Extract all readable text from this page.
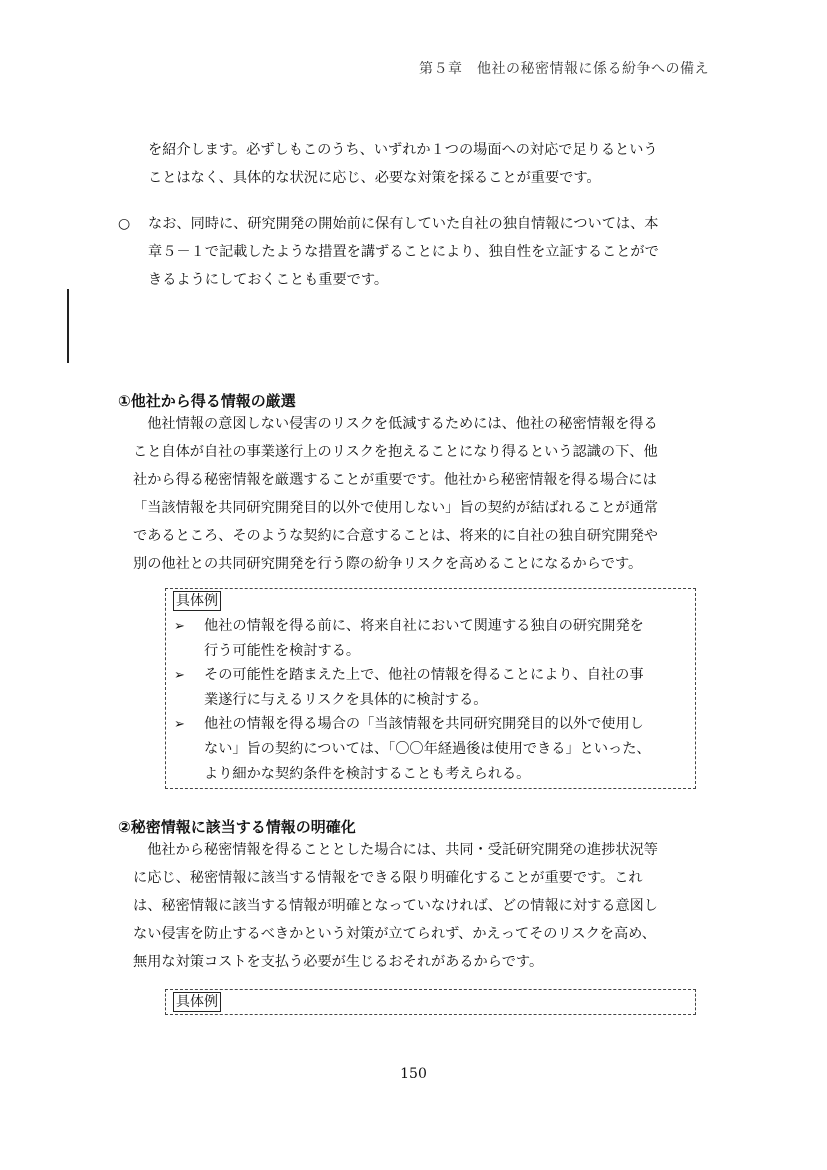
第５章　他社の秘密情報に係る紛争への備え
を紹介します。必ずしもこのうち、いずれか１つの場面への対応で足りるという
ことはなく、具体的な状況に応じ、必要な対策を採ることが重要です。
○ なお、同時に、研究開発の開始前に保有していた自社の独自情報については、本
章５－１で記載したような措置を講ずることにより、独自性を立証することがで
きるようにしておくことも重要です。
①他社から得る情報の厳選
　他社情報の意図しない侵害のリスクを低減するためには、他社の秘密情報を得る
こと自体が自社の事業遂行上のリスクを抱えることになり得るという認識の下、他
社から得る秘密情報を厳選することが重要です。他社から秘密情報を得る場合には
「当該情報を共同研究開発目的以外で使用しない」旨の契約が結ばれることが通常
であるところ、そのような契約に合意することは、将来的に自社の独自研究開発や
別の他社との共同研究開発を行う際の紛争リスクを高めることになるからです。
具体例
➢ 他社の情報を得る前に、将来自社において関連する独自の研究開発を
行う可能性を検討する。
➢ その可能性を踏まえた上で、他社の情報を得ることにより、自社の事
業遂行に与えるリスクを具体的に検討する。
➢ 他社の情報を得る場合の「当該情報を共同研究開発目的以外で使用し
ない」旨の契約については、「〇〇年経過後は使用できる」といった、
より細かな契約条件を検討することも考えられる。
②秘密情報に該当する情報の明確化
　他社から秘密情報を得ることとした場合には、共同・受託研究開発の進捗状況等
に応じ、秘密情報に該当する情報をできる限り明確化することが重要です。これ
は、秘密情報に該当する情報が明確となっていなければ、どの情報に対する意図し
ない侵害を防止するべきかという対策が立てられず、かえってそのリスクを高め、
無用な対策コストを支払う必要が生じるおそれがあるからです。
具体例
150
